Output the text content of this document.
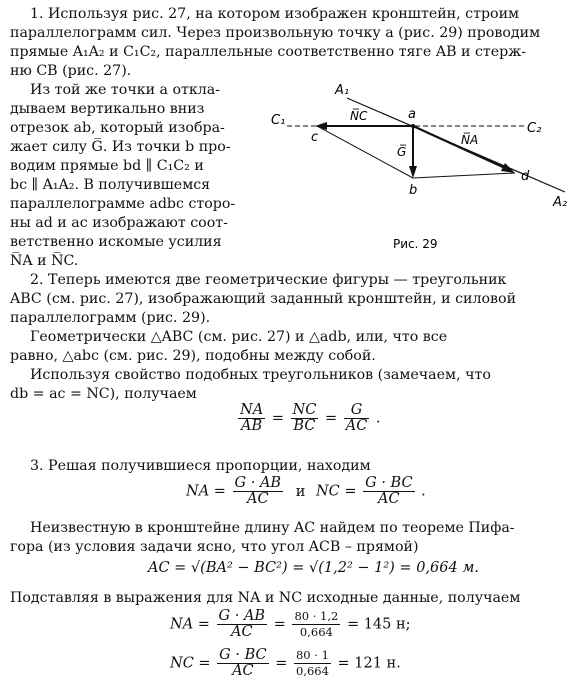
1. Используя рис. 27, на котором изображен кронштейн, строим
параллелограмм сил. Через произвольную точку a (рис. 29) проводим
прямые A₁A₂ и C₁C₂, параллельные соответственно тяге AB и стерж-
ню CB (рис. 27).
Из той же точки a откла-
дываем вертикально вниз
отрезок ab, который изобра-
жает силу G̅. Из точки b про-
водим прямые bd ∥ C₁C₂ и
bc ∥ A₁A₂. В получившемся
параллелограмме adbc сторо-
ны ad и ac изображают соот-
ветственно искомые усилия
N̅A и N̅C.
A₁
C₁
C₂
a
c
b
d
A₂
N̅C
N̅A
G̅
Рис. 29
2. Теперь имеются две геометрические фигуры — треугольник
ABC (см. рис. 27), изображающий заданный кронштейн, и силовой
параллелограмм (рис. 29).
Геометрически △ABC (см. рис. 27) и △adb, или, что все
равно, △abc (см. рис. 29), подобны между собой.
Используя свойство подобных треугольников (замечаем, что
db = ac = NC), получаем
$\frac{NA}{AB} = \frac{NC}{BC} = \frac{G}{AC}$ .
3. Решая получившиеся пропорции, находим
NA = $\frac{G \cdot AB}{AC}$ и NC = $\frac{G \cdot BC}{AC}$ .
Неизвестную в кронштейне длину AC найдем по теореме Пифа-
гора (из условия задачи ясно, что угол ACB – прямой)
AC = √(BA² − BC²) = √(1,2² − 1²) = 0,664 м.
Подставляя в выражения для NA и NC исходные данные, получаем
NA = $\frac{G \cdot AB}{AC} = \frac{80 \cdot 1,2}{0,664} = 145$ н;
NC = $\frac{G \cdot BC}{AC} = \frac{80 \cdot 1}{0,664} = 121$ н.
